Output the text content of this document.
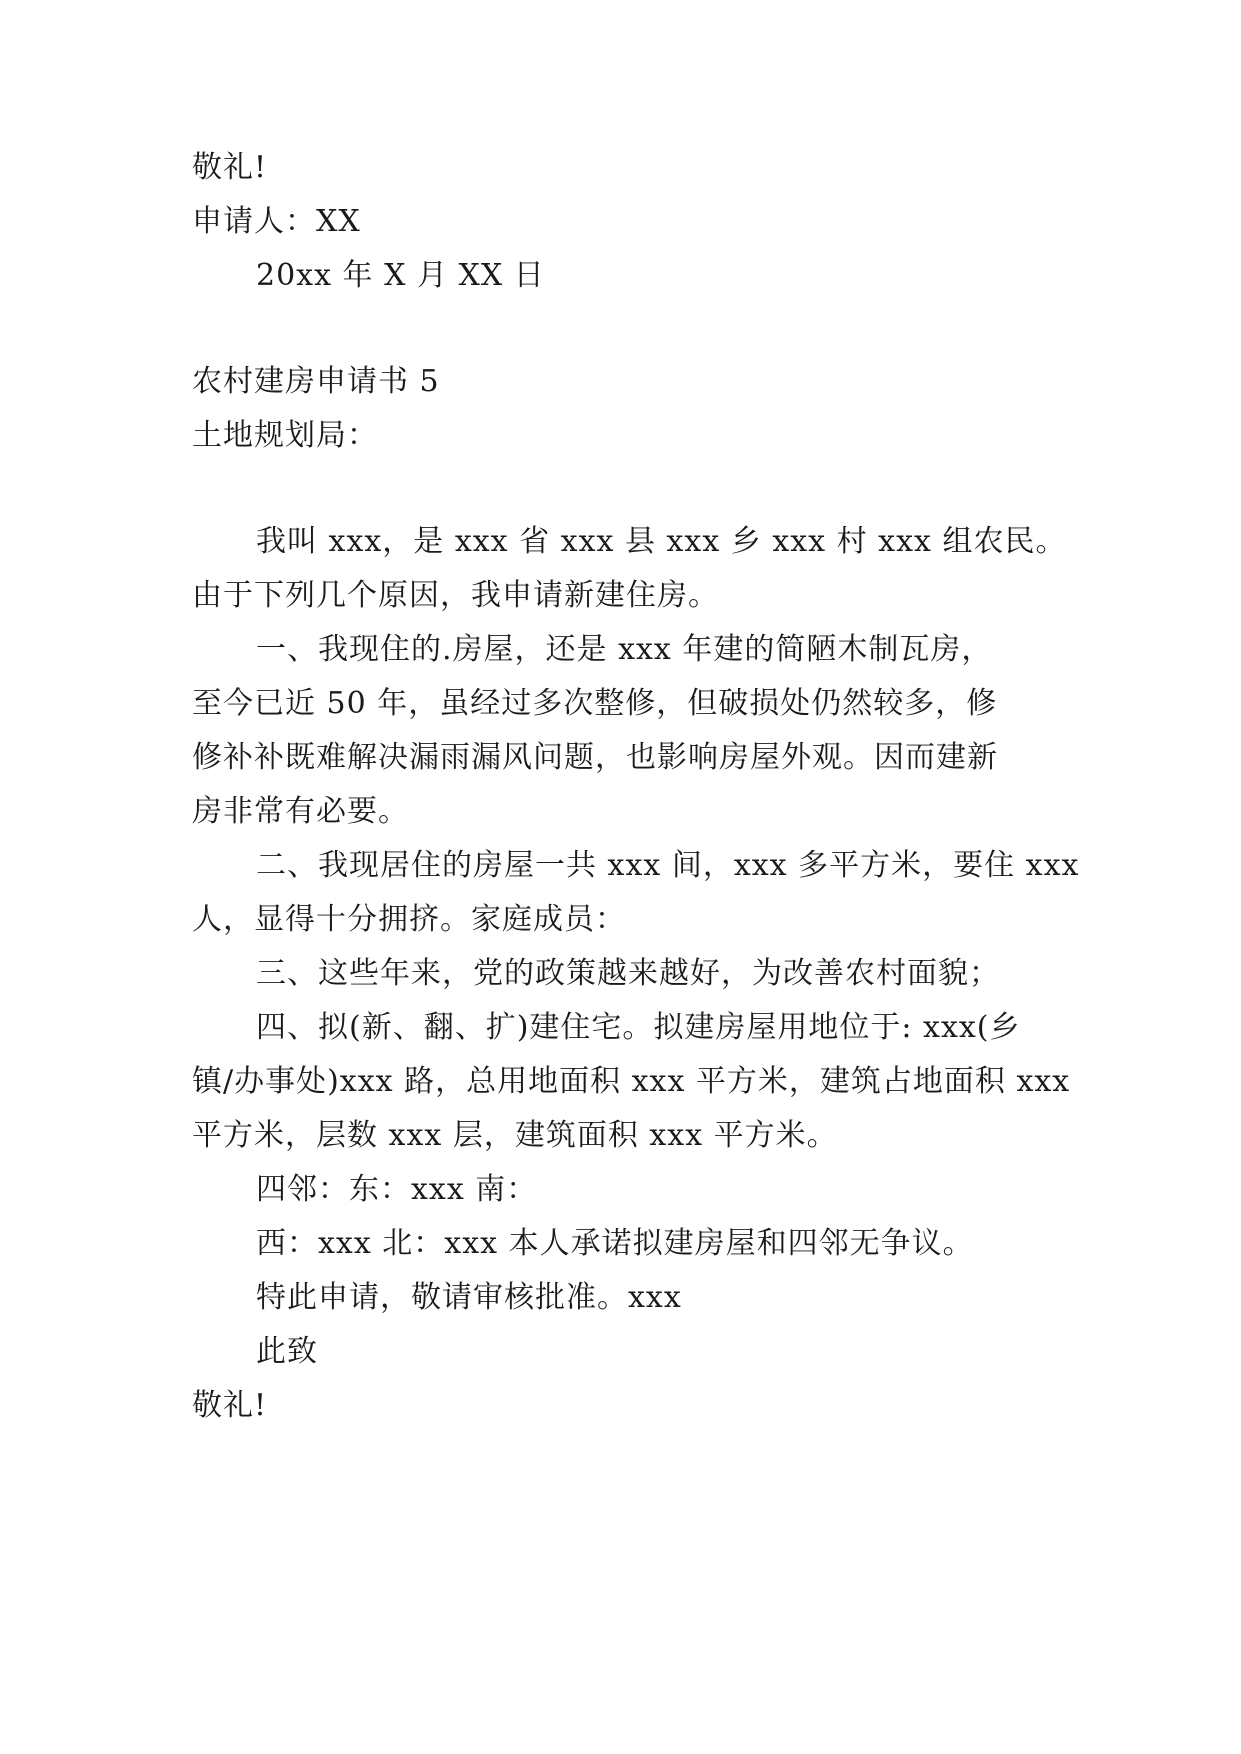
敬礼!
申请人：XX
20xx 年 X 月 XX 日
农村建房申请书 5
土地规划局：
我叫 xxx，是 xxx 省 xxx 县 xxx 乡 xxx 村 xxx 组农民。
由于下列几个原因，我申请新建住房。
一、我现住的.房屋，还是 xxx 年建的简陋木制瓦房，
至今已近 50 年，虽经过多次整修，但破损处仍然较多，修
修补补既难解决漏雨漏风问题，也影响房屋外观。因而建新
房非常有必要。
二、我现居住的房屋一共 xxx 间，xxx 多平方米，要住 xxx
人，显得十分拥挤。家庭成员：
三、这些年来，党的政策越来越好，为改善农村面貌；
四、拟(新、翻、扩)建住宅。拟建房屋用地位于: xxx(乡
镇/办事处)xxx 路，总用地面积 xxx 平方米，建筑占地面积 xxx
平方米，层数 xxx 层，建筑面积 xxx 平方米。
四邻：东：xxx 南：
西：xxx 北：xxx 本人承诺拟建房屋和四邻无争议。
特此申请，敬请审核批准。xxx
此致
敬礼!
